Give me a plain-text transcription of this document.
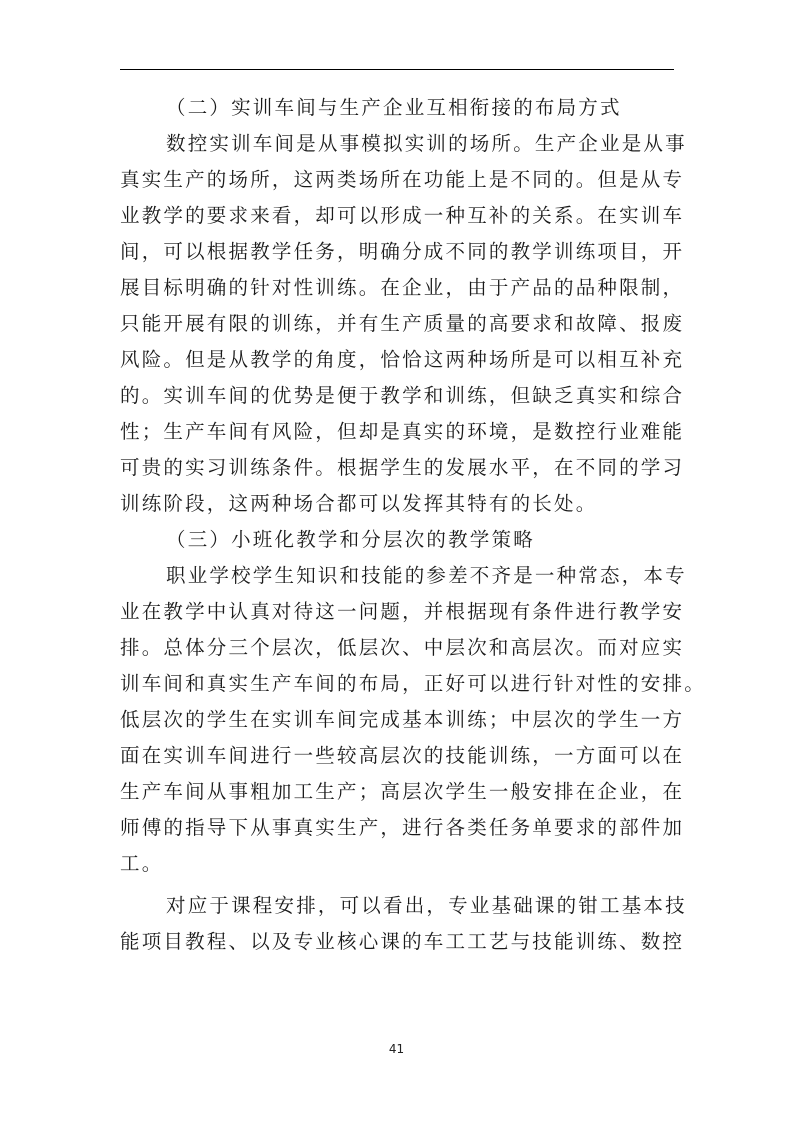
（二）实训车间与生产企业互相衔接的布局方式
数控实训车间是从事模拟实训的场所。生产企业是从事
真实生产的场所，这两类场所在功能上是不同的。但是从专
业教学的要求来看，却可以形成一种互补的关系。在实训车
间，可以根据教学任务，明确分成不同的教学训练项目，开
展目标明确的针对性训练。在企业，由于产品的品种限制，
只能开展有限的训练，并有生产质量的高要求和故障、报废
风险。但是从教学的角度，恰恰这两种场所是可以相互补充
的。实训车间的优势是便于教学和训练，但缺乏真实和综合
性；生产车间有风险，但却是真实的环境，是数控行业难能
可贵的实习训练条件。根据学生的发展水平，在不同的学习
训练阶段，这两种场合都可以发挥其特有的长处。
（三）小班化教学和分层次的教学策略
职业学校学生知识和技能的参差不齐是一种常态，本专
业在教学中认真对待这一问题，并根据现有条件进行教学安
排。总体分三个层次，低层次、中层次和高层次。而对应实
训车间和真实生产车间的布局，正好可以进行针对性的安排。
低层次的学生在实训车间完成基本训练；中层次的学生一方
面在实训车间进行一些较高层次的技能训练，一方面可以在
生产车间从事粗加工生产；高层次学生一般安排在企业，在
师傅的指导下从事真实生产，进行各类任务单要求的部件加
工。
对应于课程安排，可以看出，专业基础课的钳工基本技
能项目教程、以及专业核心课的车工工艺与技能训练、数控
41
